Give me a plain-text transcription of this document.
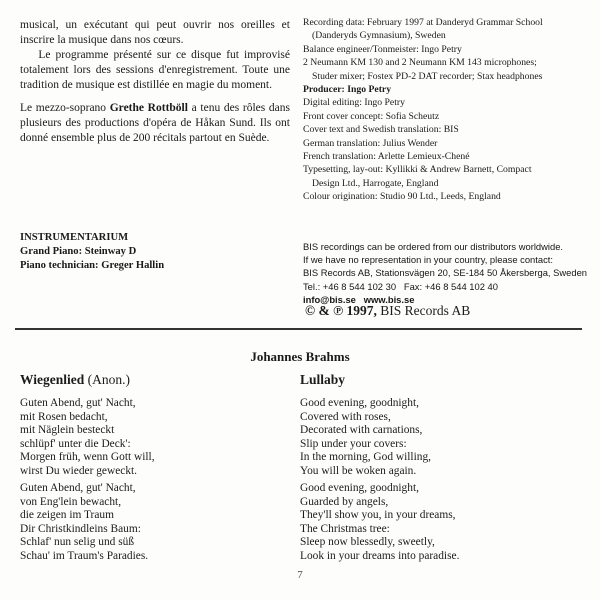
musical, un exécutant qui peut ouvrir nos oreilles et inscrire la musique dans nos cœurs.

Le programme présenté sur ce disque fut improvisé totalement lors des sessions d'enregistrement. Toute une tradition de musique est distillée en magie du moment.

Le mezzo-soprano Grethe Rottböll a tenu des rôles dans plusieurs des productions d'opéra de Håkan Sund. Ils ont donné ensemble plus de 200 récitals partout en Suède.

INSTRUMENTARIUM
Grand Piano: Steinway D
Piano technician: Greger Hallin
Recording data: February 1997 at Danderyd Grammar School
(Danderyds Gymnasium), Sweden
Balance engineer/Tonmeister: Ingo Petry
2 Neumann KM 130 and 2 Neumann KM 143 microphones;
Studer mixer; Fostex PD-2 DAT recorder; Stax headphones
Producer: Ingo Petry
Digital editing: Ingo Petry
Front cover concept: Sofia Scheutz
Cover text and Swedish translation: BIS
German translation: Julius Wender
French translation: Arlette Lemieux-Chené
Typesetting, lay-out: Kyllikki & Andrew Barnett, Compact
Design Ltd., Harrogate, England
Colour origination: Studio 90 Ltd., Leeds, England
BIS recordings can be ordered from our distributors worldwide.
If we have no representation in your country, please contact:
BIS Records AB, Stationsvägen 20, SE-184 50 Åkersberga, Sweden
Tel.: +46 8 544 102 30   Fax: +46 8 544 102 40
info@bis.se   www.bis.se
© & ℗ 1997, BIS Records AB
Johannes Brahms
Wiegenlied (Anon.)
Guten Abend, gut' Nacht,
mit Rosen bedacht,
mit Näglein besteckt
schlüpf' unter die Deck':
Morgen früh, wenn Gott will,
wirst Du wieder geweckt.
Guten Abend, gut' Nacht,
von Eng'lein bewacht,
die zeigen im Traum
Dir Christkindleins Baum:
Schlaf' nun selig und süß
Schau' im Traum's Paradies.
Lullaby
Good evening, goodnight,
Covered with roses,
Decorated with carnations,
Slip under your covers:
In the morning, God willing,
You will be woken again.
Good evening, goodnight,
Guarded by angels,
They'll show you, in your dreams,
The Christmas tree:
Sleep now blessedly, sweetly,
Look in your dreams into paradise.
7
